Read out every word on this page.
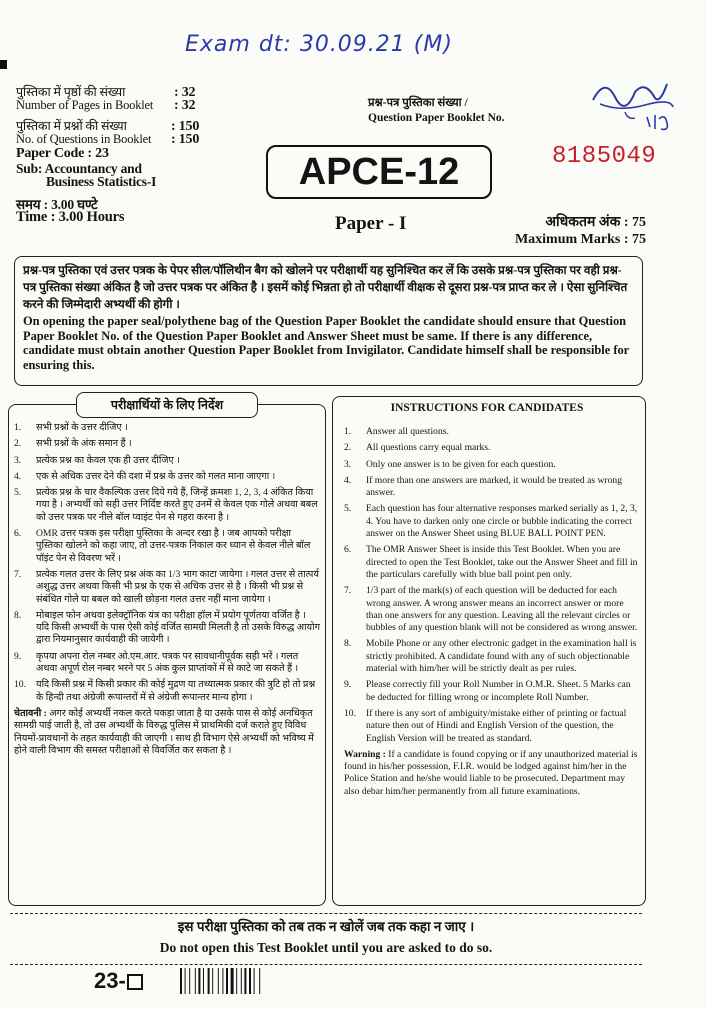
Exam dt: 30.09.21 (M)
पुस्तिका में पृष्ठों की संख्या	: 32
Number of Pages in Booklet : 32
पुस्तिका में प्रश्नों की संख्या	: 150
No. of Questions in Booklet : 150
Paper Code : 23
Sub: Accountancy and
Business Statistics-I
समय : 3.00 घण्टे
Time : 3.00 Hours
प्रश्न-पत्र पुस्तिका संख्या /
Question Paper Booklet No.
8185049
APCE-12
Paper - I	अधिकतम अंक : 75
Maximum Marks : 75
प्रश्न-पत्र पुस्तिका एवं उत्तर पत्रक के पेपर सील/पॉलिथीन बैग को खोलने पर परीक्षार्थी यह सुनिश्चित कर लें कि उसके प्रश्न-पत्र पुस्तिका पर वही प्रश्न-पत्र पुस्तिका संख्या अंकित है जो उत्तर पत्रक पर अंकित है । इसमें कोई भिन्नता हो तो परीक्षार्थी वीक्षक से दूसरा प्रश्न-पत्र प्राप्त कर ले । ऐसा सुनिश्चित करने की जिम्मेदारी अभ्यर्थी की होगी ।
On opening the paper seal/polythene bag of the Question Paper Booklet the candidate should ensure that Question Paper Booklet No. of the Question Paper Booklet and Answer Sheet must be same. If there is any difference, candidate must obtain another Question Paper Booklet from Invigilator. Candidate himself shall be responsible for ensuring this.
परीक्षार्थियों के लिए निर्देश
1. सभी प्रश्नों के उत्तर दीजिए ।
2. सभी प्रश्नों के अंक समान हैं ।
3. प्रत्येक प्रश्न का केवल एक ही उत्तर दीजिए ।
4. एक से अधिक उत्तर देने की दशा में प्रश्न के उत्तर को गलत माना जाएगा ।
5. प्रत्येक प्रश्न के चार वैकल्पिक उत्तर दिये गये हैं, जिन्हें क्रमशः 1, 2, 3, 4 अंकित किया गया है । अभ्यर्थी को सही उत्तर निर्दिष्ट करते हुए उनमें से केवल एक गोले अथवा बबल को उत्तर पत्रक पर नीले बॉल प्वाइंट पेन से गहरा करना है ।
6. OMR उत्तर पत्रक इस परीक्षा पुस्तिका के अन्दर रखा है । जब आपको परीक्षा पुस्तिका खोलने को कहा जाए, तो उत्तर-पत्रक निकाल कर ध्यान से केवल नीले बॉल पॉइंट पेन से विवरण भरें ।
7. प्रत्येक गलत उत्तर के लिए प्रश्न अंक का 1/3 भाग काटा जायेगा । गलत उत्तर से तात्पर्य अशुद्ध उत्तर अथवा किसी भी प्रश्न के एक से अधिक उत्तर से है । किसी भी प्रश्न से संबंधित गोले या बबल को खाली छोड़ना गलत उत्तर नहीं माना जायेगा ।
8. मोबाइल फोन अथवा इलेक्ट्रॉनिक यंत्र का परीक्षा हॉल में प्रयोग पूर्णतया वर्जित है । यदि किसी अभ्यर्थी के पास ऐसी कोई वर्जित सामग्री मिलती है तो उसके विरुद्ध आयोग द्वारा नियमानुसार कार्यवाही की जायेगी ।
9. कृपया अपना रोल नम्बर ओ.एम.आर. पत्रक पर सावधानीपूर्वक सही भरें । गलत अथवा अपूर्ण रोल नम्बर भरने पर 5 अंक कुल प्राप्तांकों में से काटे जा सकते हैं ।
10. यदि किसी प्रश्न में किसी प्रकार की कोई मुद्रण या तथ्यात्मक प्रकार की त्रुटि हो तो प्रश्न के हिन्दी तथा अंग्रेजी रूपान्तरों में से अंग्रेजी रूपान्तर मान्य होगा ।
चेतावनी : अगर कोई अभ्यर्थी नकल करते पकड़ा जाता है या उसके पास से कोई अनधिकृत सामग्री पाई जाती है, तो उस अभ्यर्थी के विरुद्ध पुलिस में प्राथमिकी दर्ज कराते हुए विविध नियमों-प्रावधानों के तहत कार्यवाही की जाएगी । साथ ही विभाग ऐसे अभ्यर्थी को भविष्य में होने वाली विभाग की समस्त परीक्षाओं से विवर्जित कर सकता है ।
INSTRUCTIONS FOR CANDIDATES
1. Answer all questions.
2. All questions carry equal marks.
3. Only one answer is to be given for each question.
4. If more than one answers are marked, it would be treated as wrong answer.
5. Each question has four alternative responses marked serially as 1, 2, 3, 4. You have to darken only one circle or bubble indicating the correct answer on the Answer Sheet using BLUE BALL POINT PEN.
6. The OMR Answer Sheet is inside this Test Booklet. When you are directed to open the Test Booklet, take out the Answer Sheet and fill in the particulars carefully with blue ball point pen only.
7. 1/3 part of the mark(s) of each question will be deducted for each wrong answer. A wrong answer means an incorrect answer or more than one answers for any question. Leaving all the relevant circles or bubbles of any question blank will not be considered as wrong answer.
8. Mobile Phone or any other electronic gadget in the examination hall is strictly prohibited. A candidate found with any of such objectionable material with him/her will be strictly dealt as per rules.
9. Please correctly fill your Roll Number in O.M.R. Sheet. 5 Marks can be deducted for filling wrong or incomplete Roll Number.
10. If there is any sort of ambiguity/mistake either of printing or factual nature then out of Hindi and English Version of the question, the English Version will be treated as standard.
Warning : If a candidate is found copying or if any unauthorized material is found in his/her possession, F.I.R. would be lodged against him/her in the Police Station and he/she would liable to be prosecuted. Department may also debar him/her permanently from all future examinations.
इस परीक्षा पुस्तिका को तब तक न खोलें जब तक कहा न जाए ।
Do not open this Test Booklet until you are asked to do so.
23-
